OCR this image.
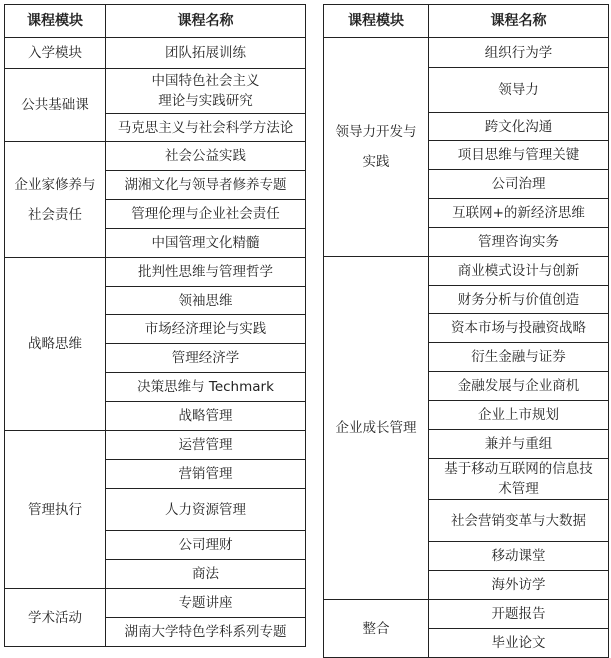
课程模块	课程名称
入学模块	团队拓展训练
公共基础课	中国特色社会主义
理论与实践研究
	马克思主义与社会科学方法论
企业家修养与
社会责任	社会公益实践
	湖湘文化与领导者修养专题
	管理伦理与企业社会责任
	中国管理文化精髓
战略思维	批判性思维与管理哲学
	领袖思维
	市场经济理论与实践
	管理经济学
	决策思维与 Techmark
	战略管理
管理执行	运营管理
	营销管理
	人力资源管理
	公司理财
	商法
学术活动	专题讲座
	湖南大学特色学科系列专题
课程模块	课程名称
领导力开发与
实践	组织行为学
	领导力
	跨文化沟通
	项目思维与管理关键
	公司治理
	互联网+的新经济思维
	管理咨询实务
企业成长管理	商业模式设计与创新
	财务分析与价值创造
	资本市场与投融资战略
	衍生金融与证券
	金融发展与企业商机
	企业上市规划
	兼并与重组
	基于移动互联网的信息技
术管理
	社会营销变革与大数据
	移动课堂
	海外访学
整合	开题报告
	毕业论文
